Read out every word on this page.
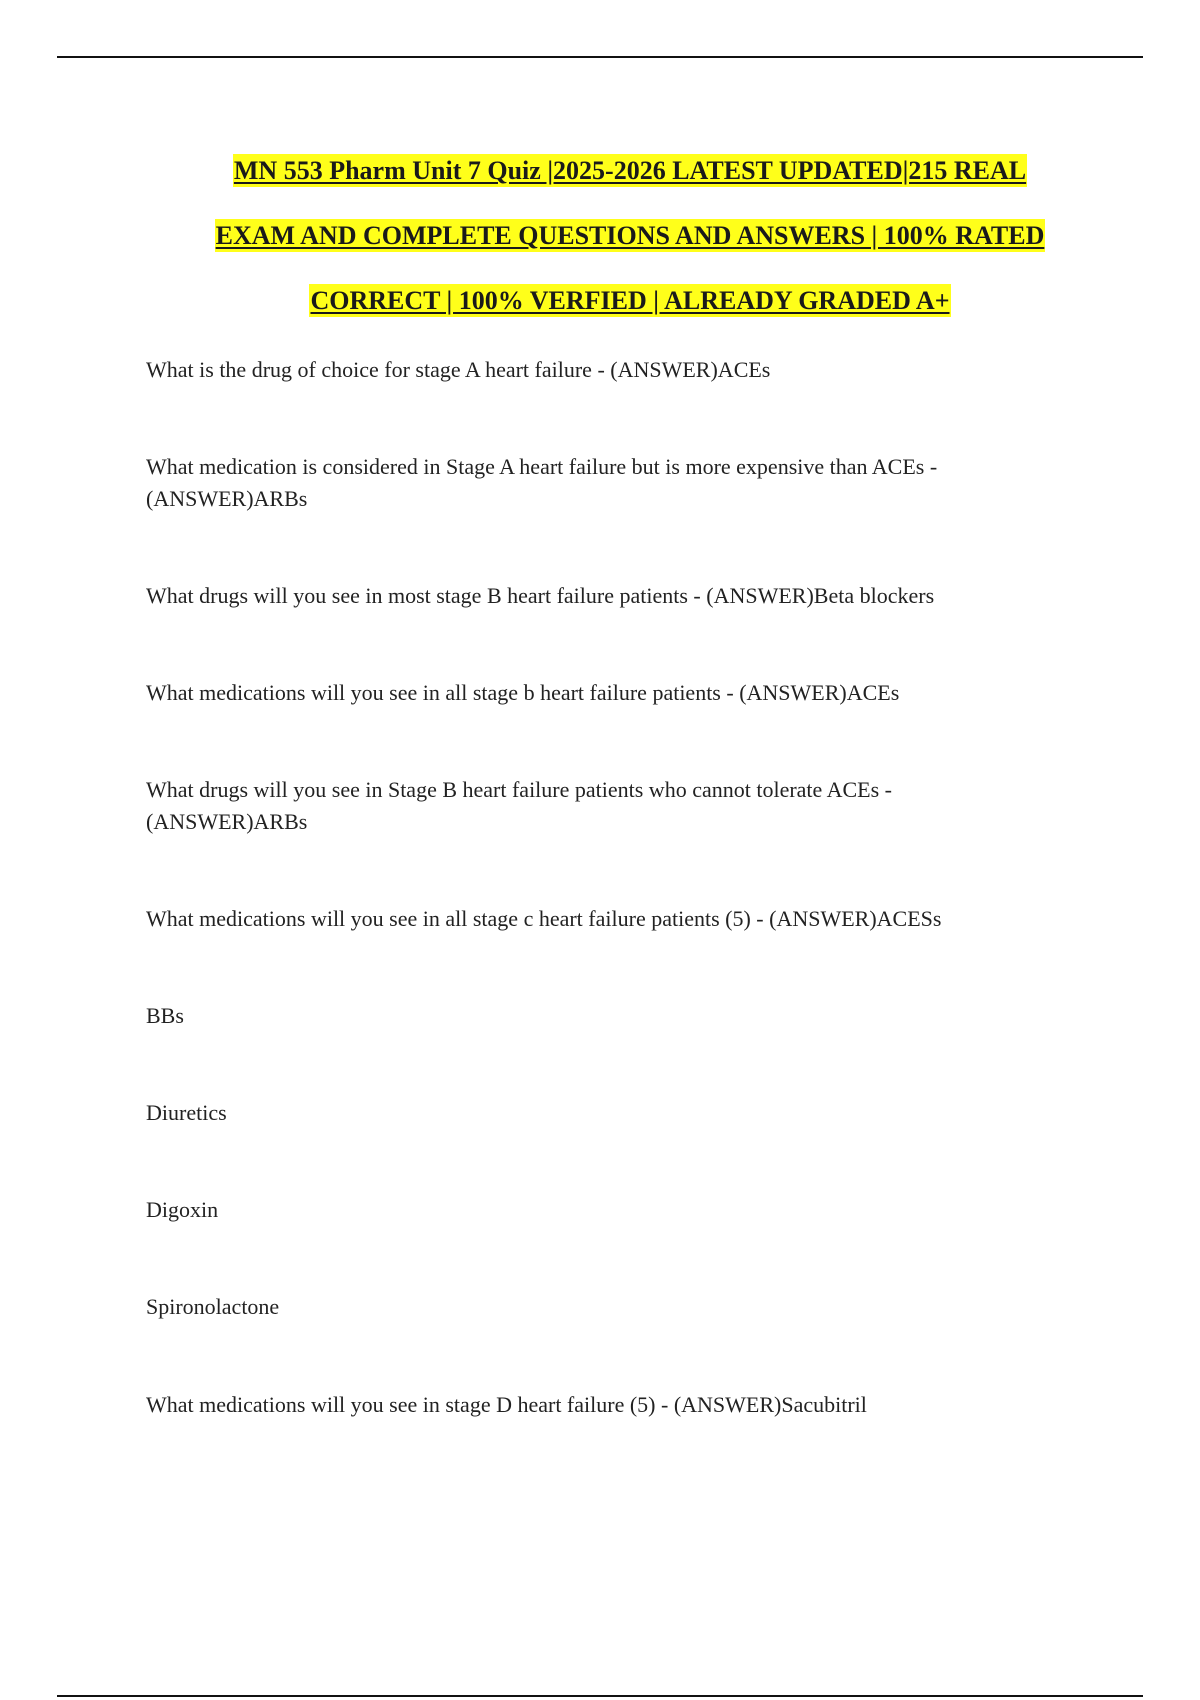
MN 553 Pharm Unit 7 Quiz |2025-2026 LATEST UPDATED|215 REAL
EXAM AND COMPLETE QUESTIONS AND ANSWERS | 100% RATED
CORRECT | 100% VERFIED | ALREADY GRADED A+

What is the drug of choice for stage A heart failure - (ANSWER)ACEs

What medication is considered in Stage A heart failure but is more expensive than ACEs - (ANSWER)ARBs

What drugs will you see in most stage B heart failure patients - (ANSWER)Beta blockers

What medications will you see in all stage b heart failure patients - (ANSWER)ACEs

What drugs will you see in Stage B heart failure patients who cannot tolerate ACEs - (ANSWER)ARBs

What medications will you see in all stage c heart failure patients (5) - (ANSWER)ACESs

BBs

Diuretics

Digoxin

Spironolactone

What medications will you see in stage D heart failure (5) - (ANSWER)Sacubitril
